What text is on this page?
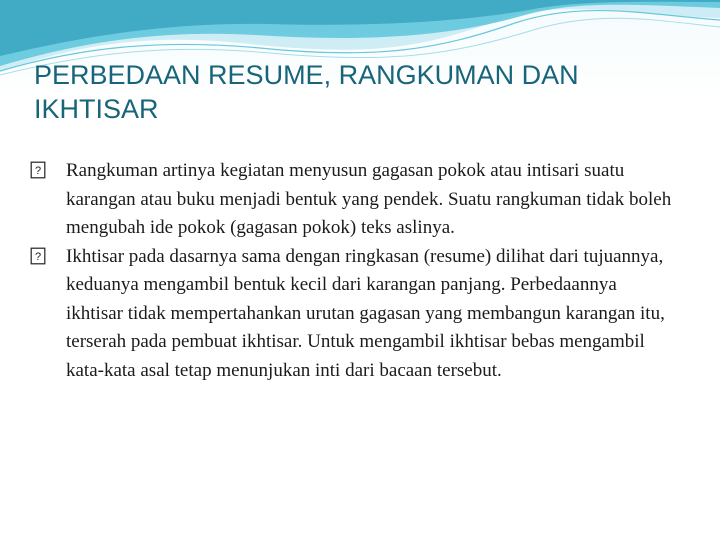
PERBEDAAN RESUME, RANGKUMAN DAN IKHTISAR

? Rangkuman artinya kegiatan menyusun gagasan pokok atau intisari suatu karangan atau buku menjadi bentuk yang pendek. Suatu rangkuman tidak boleh mengubah ide pokok (gagasan pokok) teks aslinya.

? Ikhtisar pada dasarnya sama dengan ringkasan (resume) dilihat dari tujuannya, keduanya mengambil bentuk kecil dari karangan panjang. Perbedaannya ikhtisar tidak mempertahankan urutan gagasan yang membangun karangan itu, terserah pada pembuat ikhtisar. Untuk mengambil ikhtisar bebas mengambil kata-kata asal tetap menunjukan inti dari bacaan tersebut.
